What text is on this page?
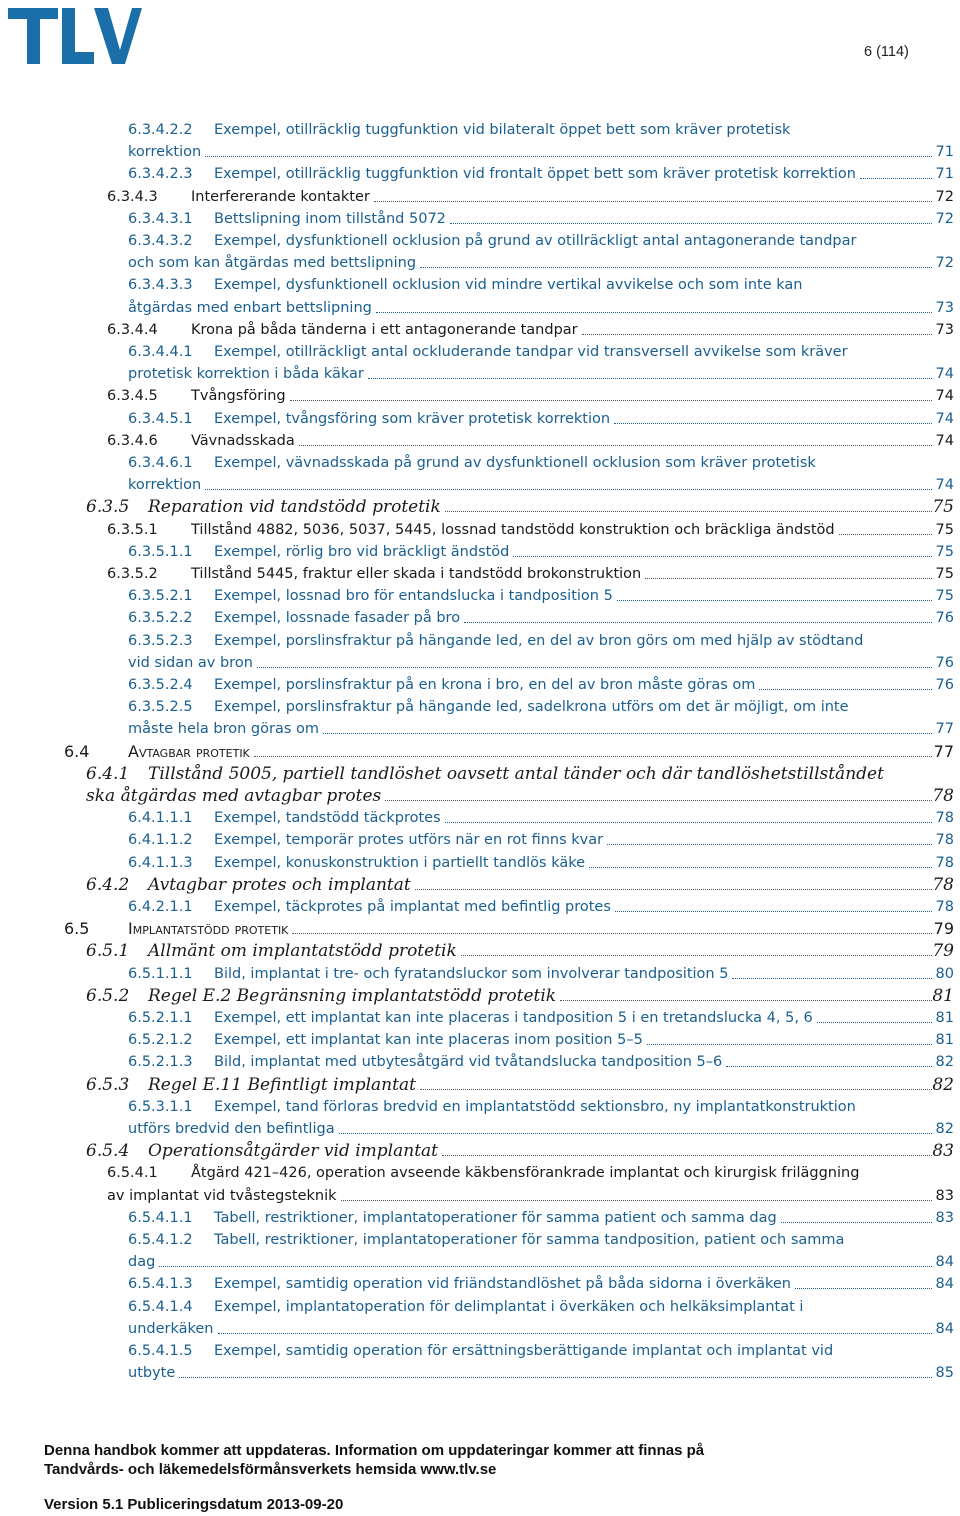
6 (114)
6.3.4.2.2 Exempel, otillräcklig tuggfunktion vid bilateralt öppet bett som kräver protetisk
korrektion	71
6.3.4.2.3 Exempel, otillräcklig tuggfunktion vid frontalt öppet bett som kräver protetisk korrektion	71
6.3.4.3 Interfererande kontakter	72
6.3.4.3.1 Bettslipning inom tillstånd 5072	72
6.3.4.3.2 Exempel, dysfunktionell ocklusion på grund av otillräckligt antal antagonerande tandpar
och som kan åtgärdas med bettslipning	72
6.3.4.3.3 Exempel, dysfunktionell ocklusion vid mindre vertikal avvikelse och som inte kan
åtgärdas med enbart bettslipning	73
6.3.4.4 Krona på båda tänderna i ett antagonerande tandpar	73
6.3.4.4.1 Exempel, otillräckligt antal ockluderande tandpar vid transversell avvikelse som kräver
protetisk korrektion i båda käkar	74
6.3.4.5 Tvångsföring	74
6.3.4.5.1 Exempel, tvångsföring som kräver protetisk korrektion	74
6.3.4.6 Vävnadsskada	74
6.3.4.6.1 Exempel, vävnadsskada på grund av dysfunktionell ocklusion som kräver protetisk
korrektion	74
6.3.5 Reparation vid tandstödd protetik	75
6.3.5.1 Tillstånd 4882, 5036, 5037, 5445, lossnad tandstödd konstruktion och bräckliga ändstöd	75
6.3.5.1.1 Exempel, rörlig bro vid bräckligt ändstöd	75
6.3.5.2 Tillstånd 5445, fraktur eller skada i tandstödd brokonstruktion	75
6.3.5.2.1 Exempel, lossnad bro för entandslucka i tandposition 5	75
6.3.5.2.2 Exempel, lossnade fasader på bro	76
6.3.5.2.3 Exempel, porslinsfraktur på hängande led, en del av bron görs om med hjälp av stödtand
vid sidan av bron	76
6.3.5.2.4 Exempel, porslinsfraktur på en krona i bro, en del av bron måste göras om	76
6.3.5.2.5 Exempel, porslinsfraktur på hängande led, sadelkrona utförs om det är möjligt, om inte
måste hela bron göras om	77
6.4 Avtagbar protetik	77
6.4.1 Tillstånd 5005, partiell tandlöshet oavsett antal tänder och där tandlöshetstillståndet
ska åtgärdas med avtagbar protes	78
6.4.1.1.1 Exempel, tandstödd täckprotes	78
6.4.1.1.2 Exempel, temporär protes utförs när en rot finns kvar	78
6.4.1.1.3 Exempel, konuskonstruktion i partiellt tandlös käke	78
6.4.2 Avtagbar protes och implantat	78
6.4.2.1.1 Exempel, täckprotes på implantat med befintlig protes	78
6.5 Implantatstödd protetik	79
6.5.1 Allmänt om implantatstödd protetik	79
6.5.1.1.1 Bild, implantat i tre- och fyratandsluckor som involverar tandposition 5	80
6.5.2 Regel E.2 Begränsning implantatstödd protetik	81
6.5.2.1.1 Exempel, ett implantat kan inte placeras i tandposition 5 i en tretandslucka 4, 5, 6	81
6.5.2.1.2 Exempel, ett implantat kan inte placeras inom position 5–5	81
6.5.2.1.3 Bild, implantat med utbytesåtgärd vid tvåtandslucka tandposition 5–6	82
6.5.3 Regel E.11 Befintligt implantat	82
6.5.3.1.1 Exempel, tand förloras bredvid en implantatstödd sektionsbro, ny implantatkonstruktion
utförs bredvid den befintliga	82
6.5.4 Operationsåtgärder vid implantat	83
6.5.4.1 Åtgärd 421–426, operation avseende käkbensförankrade implantat och kirurgisk friläggning
av implantat vid tvåstegsteknik	83
6.5.4.1.1 Tabell, restriktioner, implantatoperationer för samma patient och samma dag	83
6.5.4.1.2 Tabell, restriktioner, implantatoperationer för samma tandposition, patient och samma
dag	84
6.5.4.1.3 Exempel, samtidig operation vid friändstandlöshet på båda sidorna i överkäken	84
6.5.4.1.4 Exempel, implantatoperation för delimplantat i överkäken och helkäksimplantat i
underkäken	84
6.5.4.1.5 Exempel, samtidig operation för ersättningsberättigande implantat och implantat vid
utbyte	85
Denna handbok kommer att uppdateras. Information om uppdateringar kommer att finnas på
Tandvårds- och läkemedelsförmånsverkets hemsida www.tlv.se
Version 5.1 Publiceringsdatum 2013-09-20
